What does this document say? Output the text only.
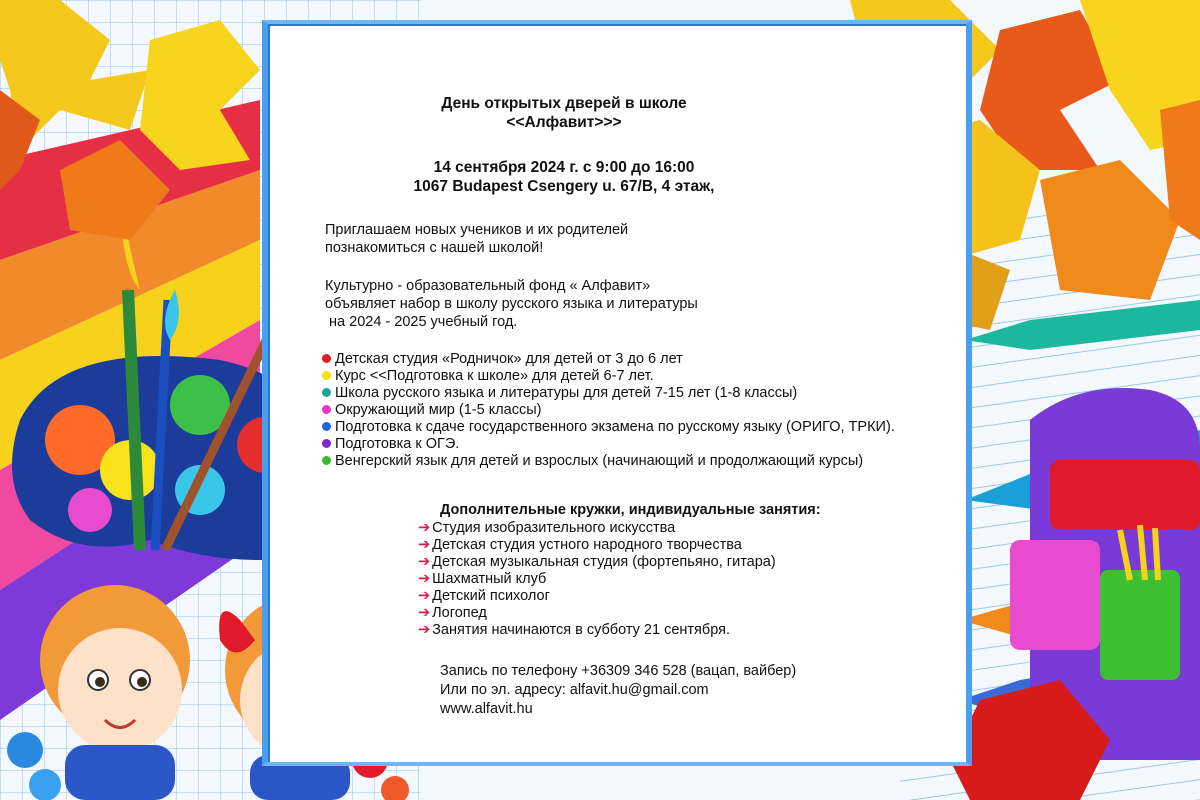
День открытых дверей в школе
<<Алфавит>>>
14 сентября 2024 г. с 9:00 до 16:00
1067 Budapest Csengery u. 67/B, 4 этаж,
Приглашаем новых учеников и их родителей
познакомиться с нашей школой!
Культурно - образовательный фонд « Алфавит»
объявляет набор в школу русского языка и литературы
на 2024 - 2025 учебный год.
Детская студия «Родничок» для детей от 3 до 6 лет
Курс <<Подготовка к школе» для детей 6-7 лет.
Школа русского языка и литературы для детей 7-15 лет (1-8 классы)
Окружающий мир (1-5 классы)
Подготовка к сдаче государственного экзамена по русскому языку (ОРИГО, ТРКИ).
Подготовка к ОГЭ.
Венгерский язык для детей и взрослых (начинающий и продолжающий курсы)
Дополнительные кружки, индивидуальные занятия:
➔ Студия изобразительного искусства
➔ Детская студия устного народного творчества
➔ Детская музыкальная студия (фортепьяно, гитара)
➔ Шахматный клуб
➔ Детский психолог
➔ Логопед
➔ Занятия начинаются в субботу 21 сентября.
Запись по телефону +36309 346 528 (вацап, вайбер)
Или по эл. адресу: alfavit.hu@gmail.com
www.alfavit.hu
